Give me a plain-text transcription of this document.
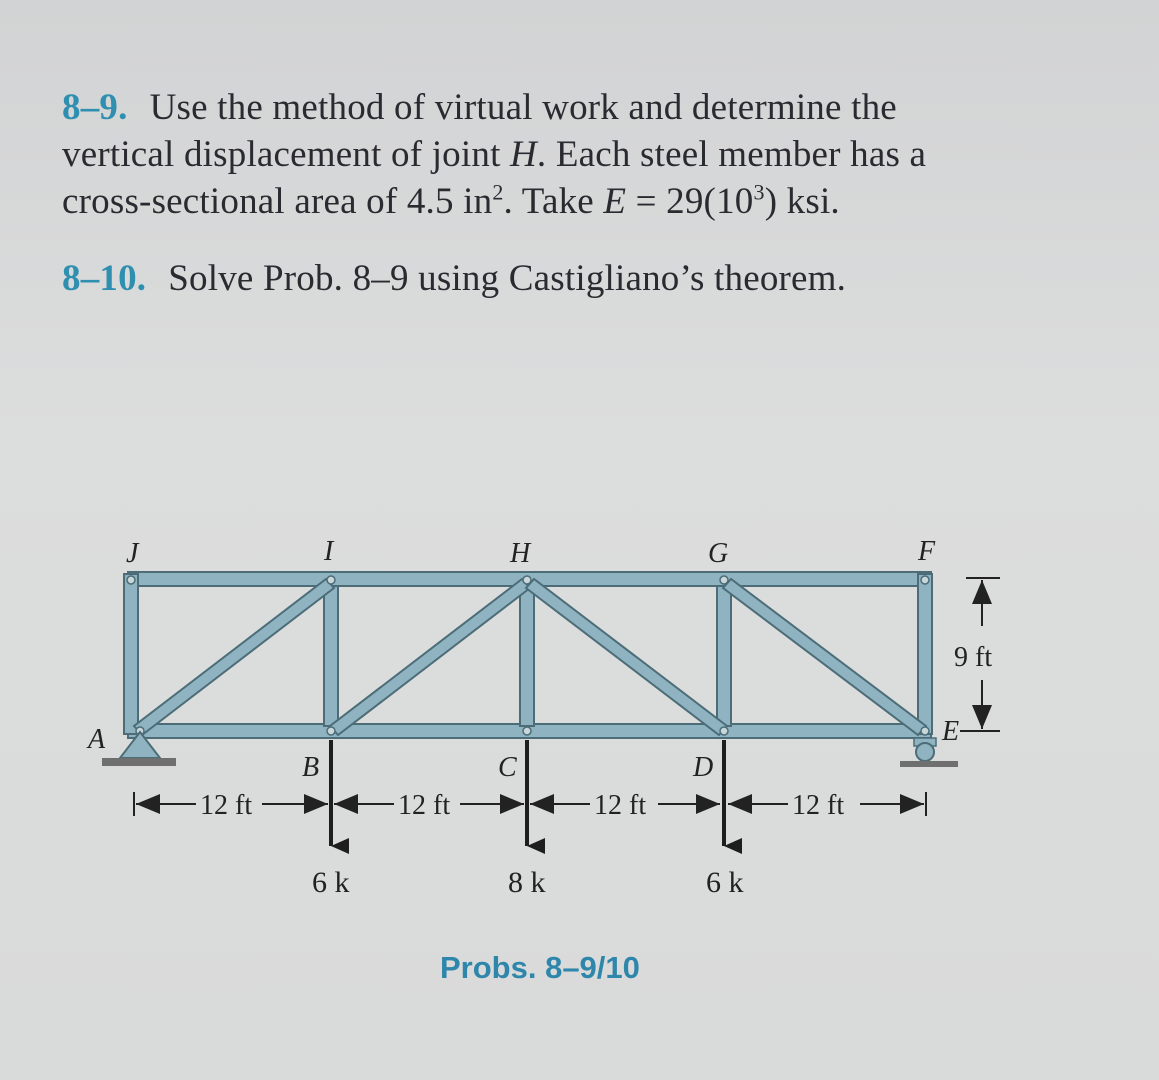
8–9. Use the method of virtual work and determine the
vertical displacement of joint H. Each steel member has a
cross-sectional area of 4.5 $in^2$. Take $E = 29(10^3)$ ksi.
8–10. Solve Prob. 8–9 using Castigliano’s theorem.
J	I	H	G	F
A
B	C	D
E
12 ft	12 ft	12 ft	12 ft
9 ft
6 k	8 k	6 k
Probs. 8–9/10
